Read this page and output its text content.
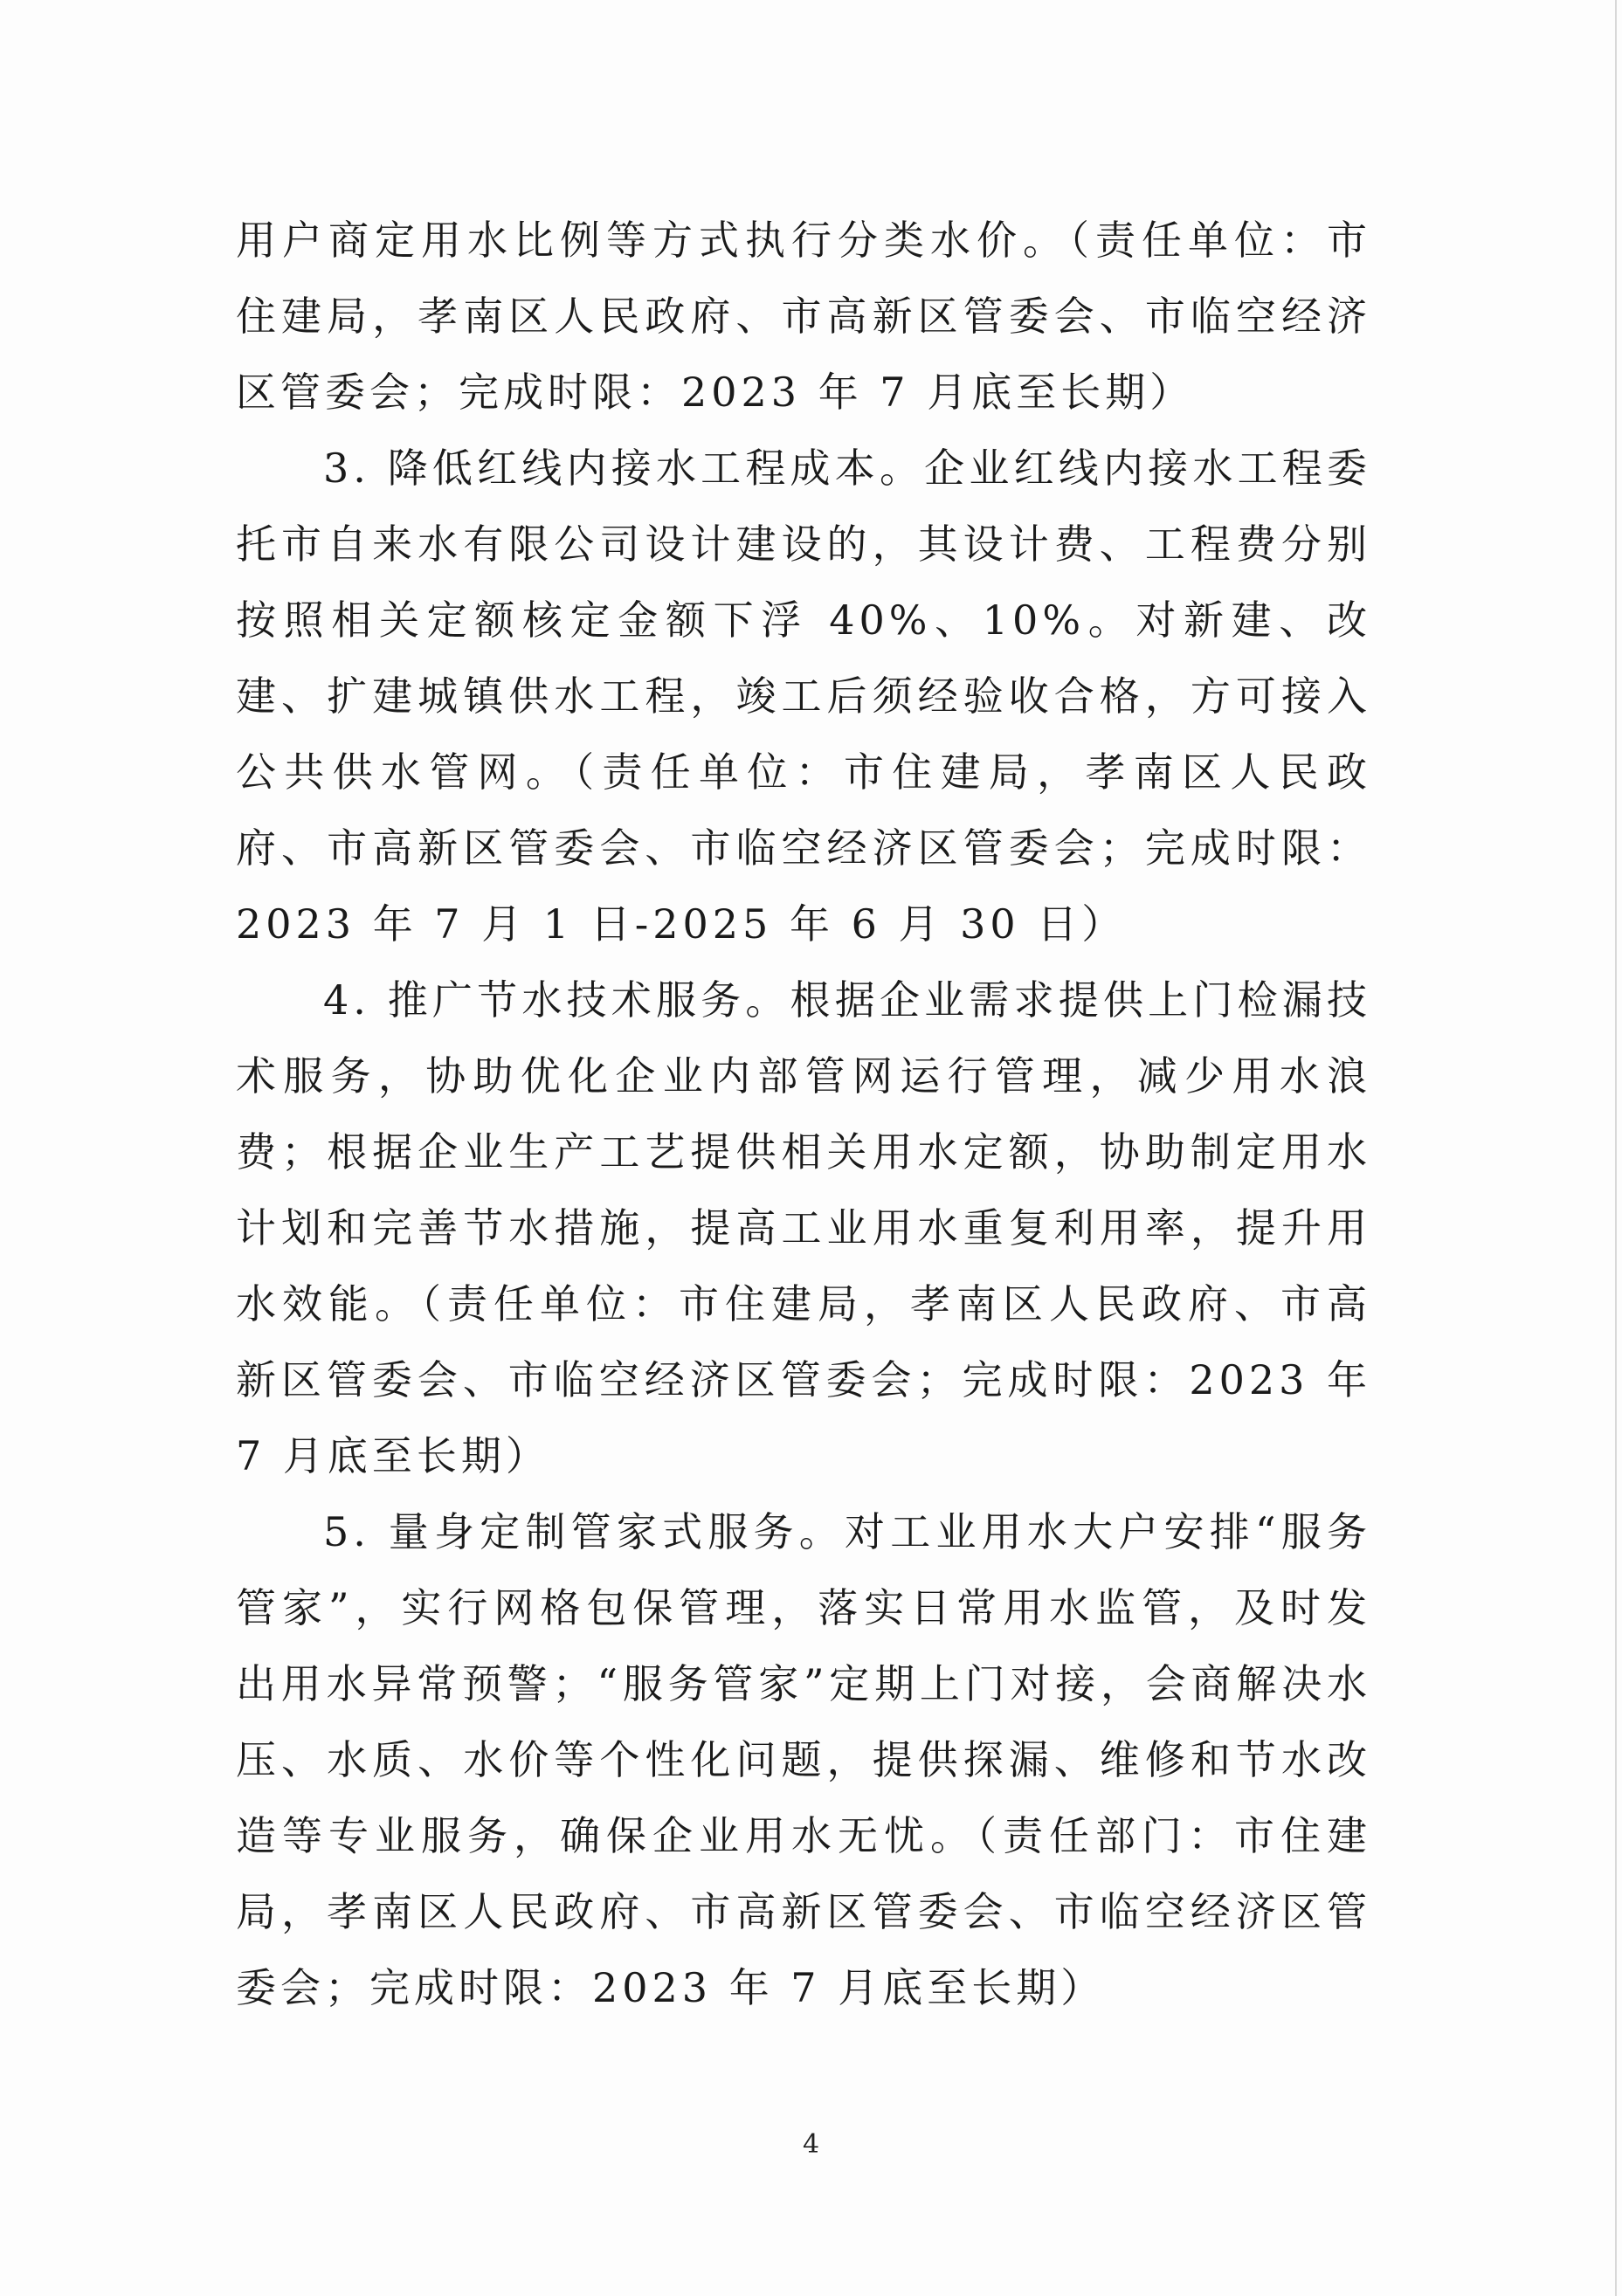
用户商定用水比例等方式执行分类水价。（责任单位：市住建局，孝南区人民政府、市高新区管委会、市临空经济区管委会；完成时限：2023 年 7 月底至长期）

3. 降低红线内接水工程成本。企业红线内接水工程委托市自来水有限公司设计建设的，其设计费、工程费分别按照相关定额核定金额下浮 40%、10%。对新建、改建、扩建城镇供水工程，竣工后须经验收合格，方可接入公共供水管网。（责任单位：市住建局，孝南区人民政府、市高新区管委会、市临空经济区管委会；完成时限：2023 年 7 月 1 日-2025 年 6 月 30 日）

4. 推广节水技术服务。根据企业需求提供上门检漏技术服务，协助优化企业内部管网运行管理，减少用水浪费；根据企业生产工艺提供相关用水定额，协助制定用水计划和完善节水措施，提高工业用水重复利用率，提升用水效能。（责任单位：市住建局，孝南区人民政府、市高新区管委会、市临空经济区管委会；完成时限：2023 年 7 月底至长期）

5. 量身定制管家式服务。对工业用水大户安排“服务管家”，实行网格包保管理，落实日常用水监管，及时发出用水异常预警；“服务管家”定期上门对接，会商解决水压、水质、水价等个性化问题，提供探漏、维修和节水改造等专业服务，确保企业用水无忧。（责任部门：市住建局，孝南区人民政府、市高新区管委会、市临空经济区管委会；完成时限：2023 年 7 月底至长期）

4
